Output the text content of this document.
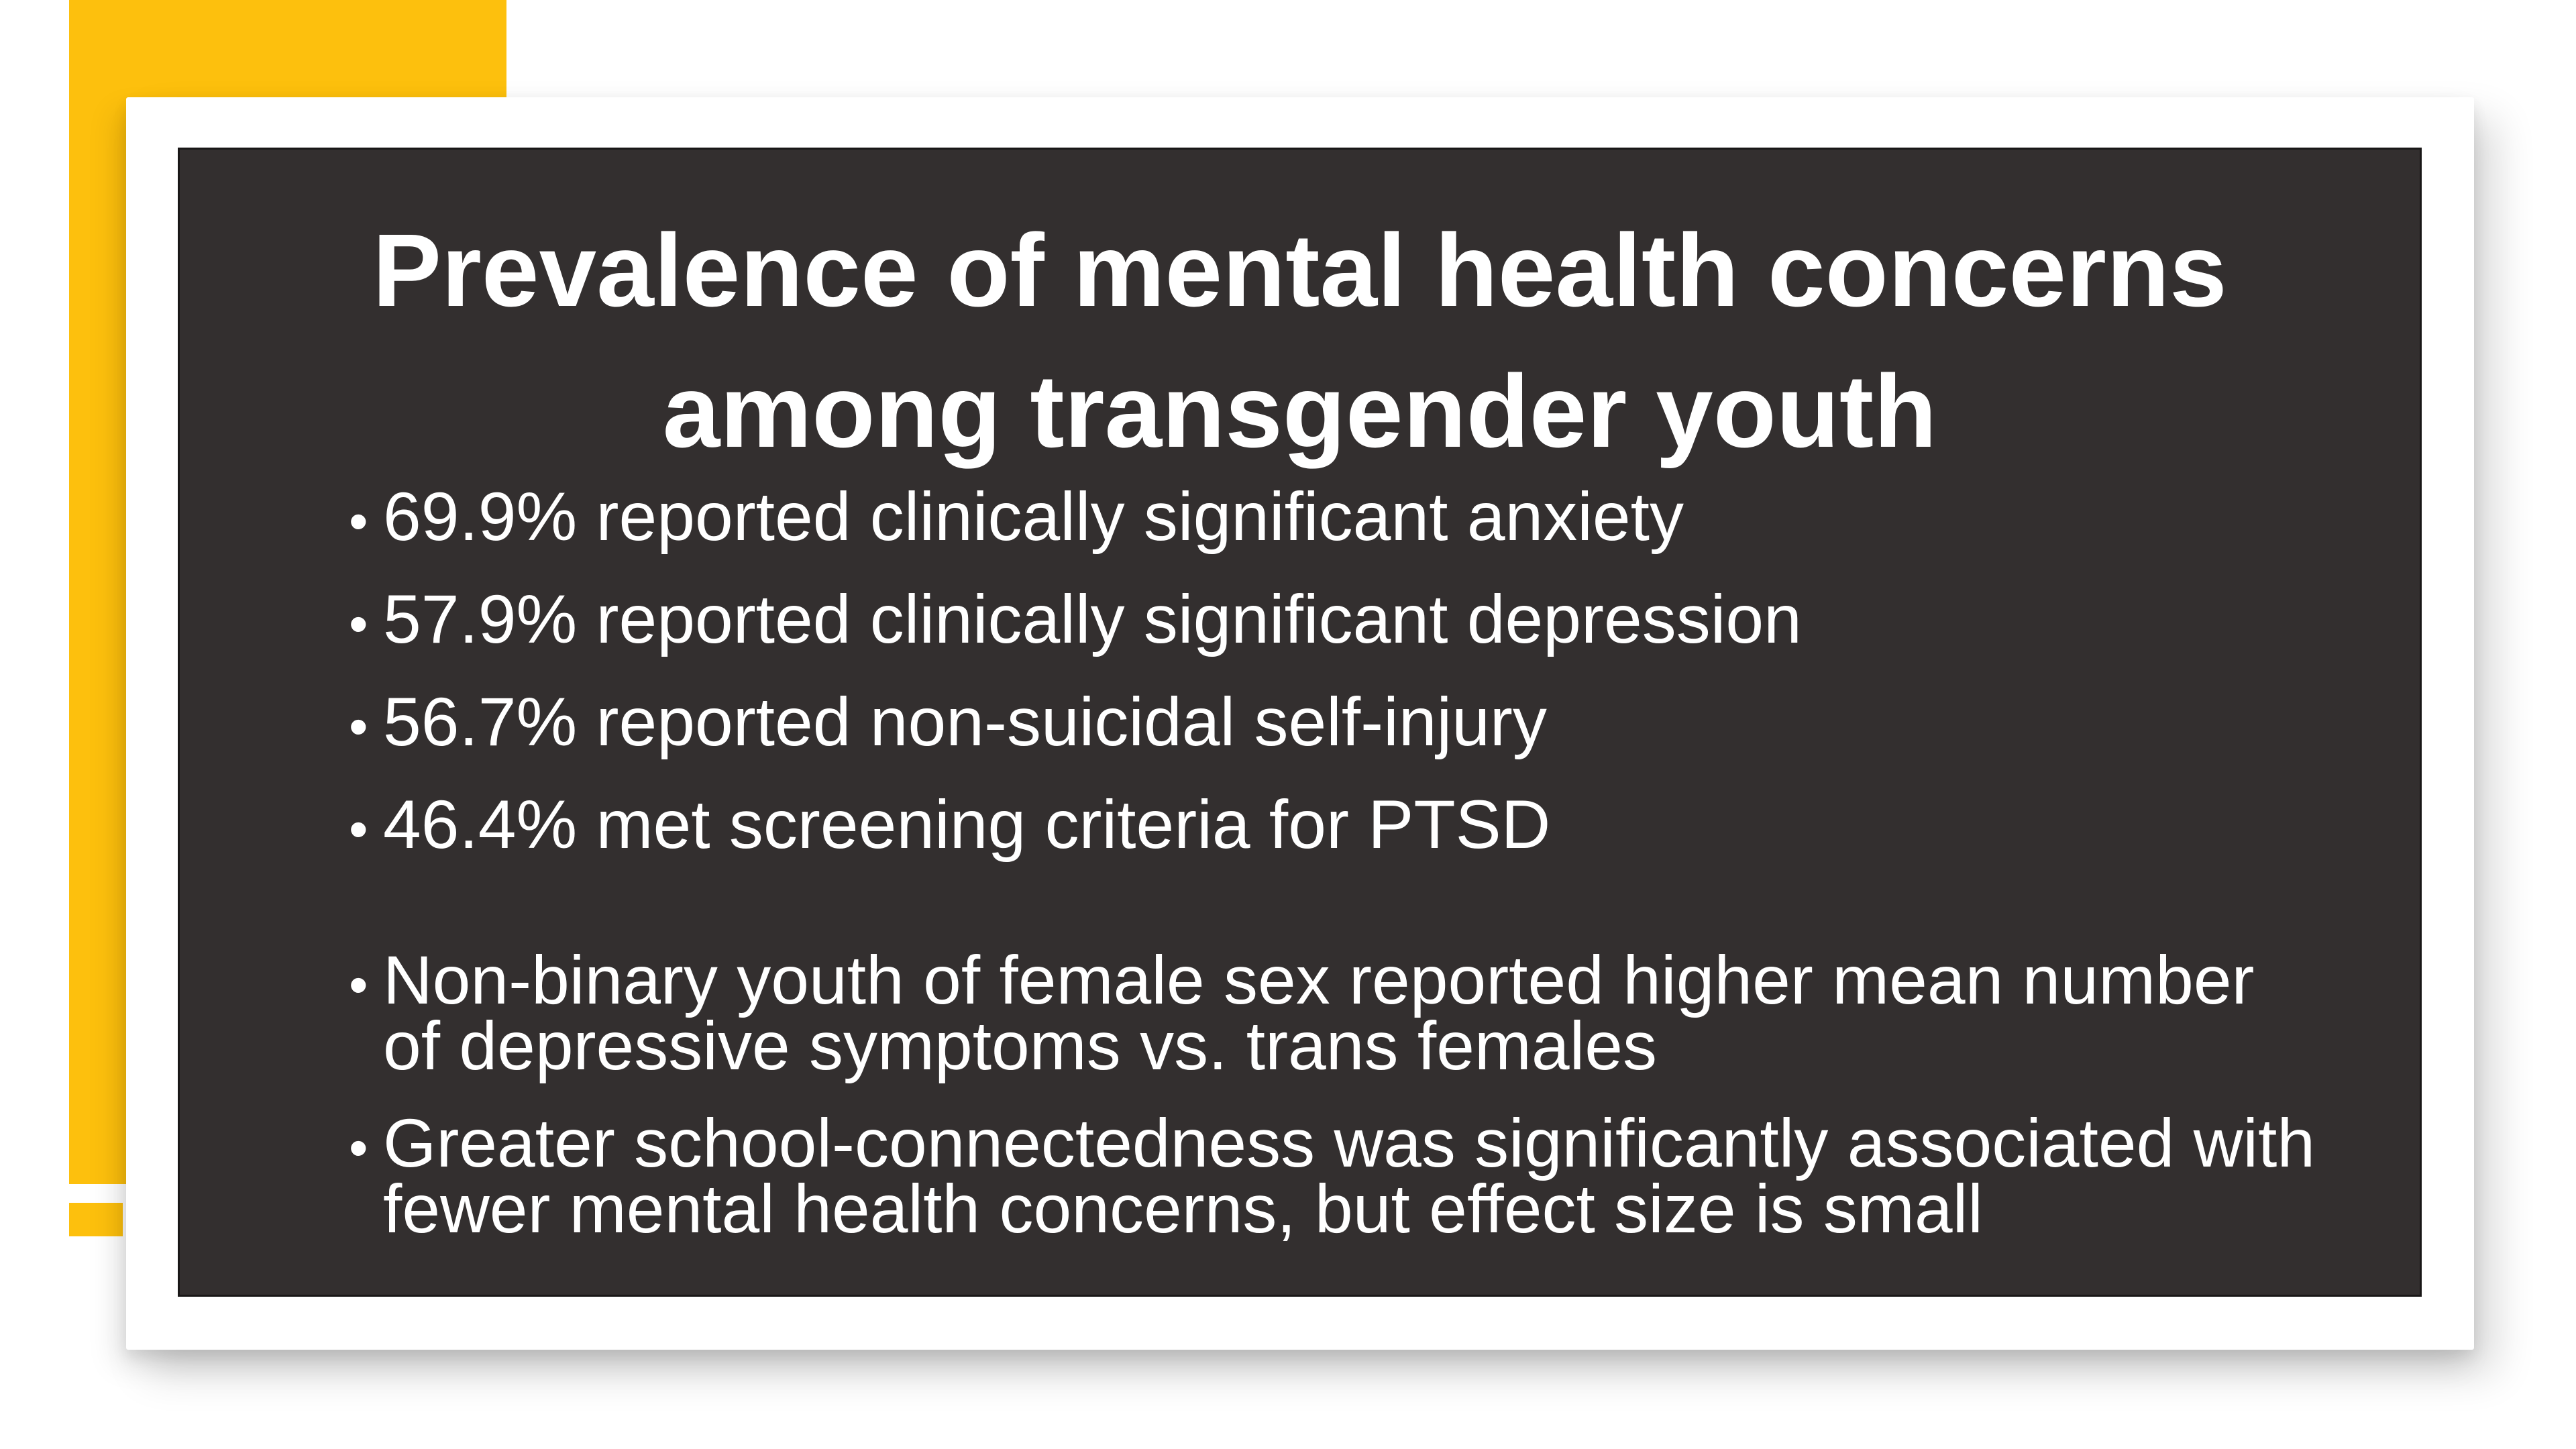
Prevalence of mental health concerns
among transgender youth

• 69.9% reported clinically significant anxiety

• 57.9% reported clinically significant depression

• 56.7% reported non-suicidal self-injury

• 46.4% met screening criteria for PTSD

• Non-binary youth of female sex reported higher mean number
of depressive symptoms vs. trans females

• Greater school-connectedness was significantly associated with
fewer mental health concerns, but effect size is small
